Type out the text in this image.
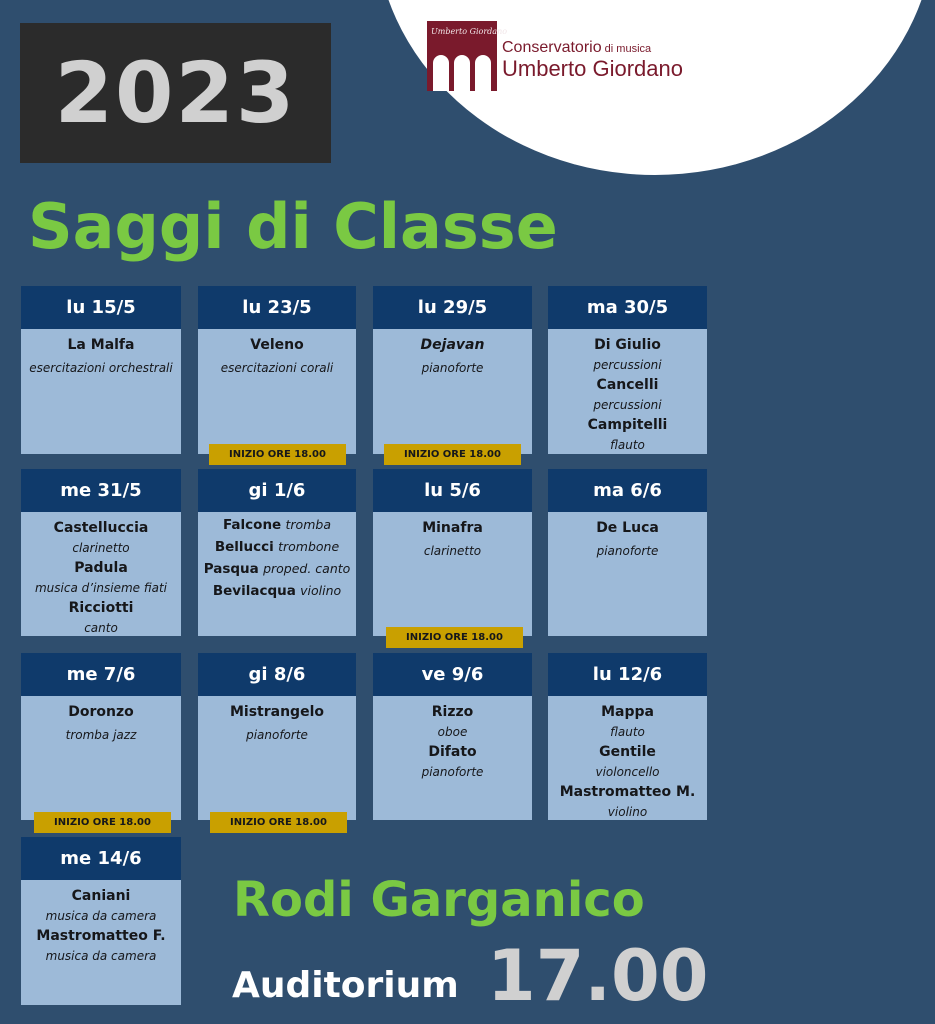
2023
Umberto Giordano
Conservatorio di musica
Umberto Giordano
Saggi di Classe
lu 15/5
La Malfa
esercitazioni orchestrali
lu 23/5
Veleno
esercitazioni corali
INIZIO ORE 18.00
lu 29/5
Dejavan
pianoforte
INIZIO ORE 18.00
ma 30/5
Di Giulio
percussioni
Cancelli
percussioni
Campitelli
flauto
me 31/5
Castelluccia
clarinetto
Padula
musica d’insieme fiati
Ricciotti
canto
gi 1/6
Falcone tromba
Bellucci trombone
Pasqua proped. canto
Bevilacqua violino
lu 5/6
Minafra
clarinetto
INIZIO ORE 18.00
ma 6/6
De Luca
pianoforte
me 7/6
Doronzo
tromba jazz
INIZIO ORE 18.00
gi 8/6
Mistrangelo
pianoforte
INIZIO ORE 18.00
ve 9/6
Rizzo
oboe
Difato
pianoforte
lu 12/6
Mappa
flauto
Gentile
violoncello
Mastromatteo M.
violino
me 14/6
Caniani
musica da camera
Mastromatteo F.
musica da camera
Rodi Garganico
Auditorium 17.00
